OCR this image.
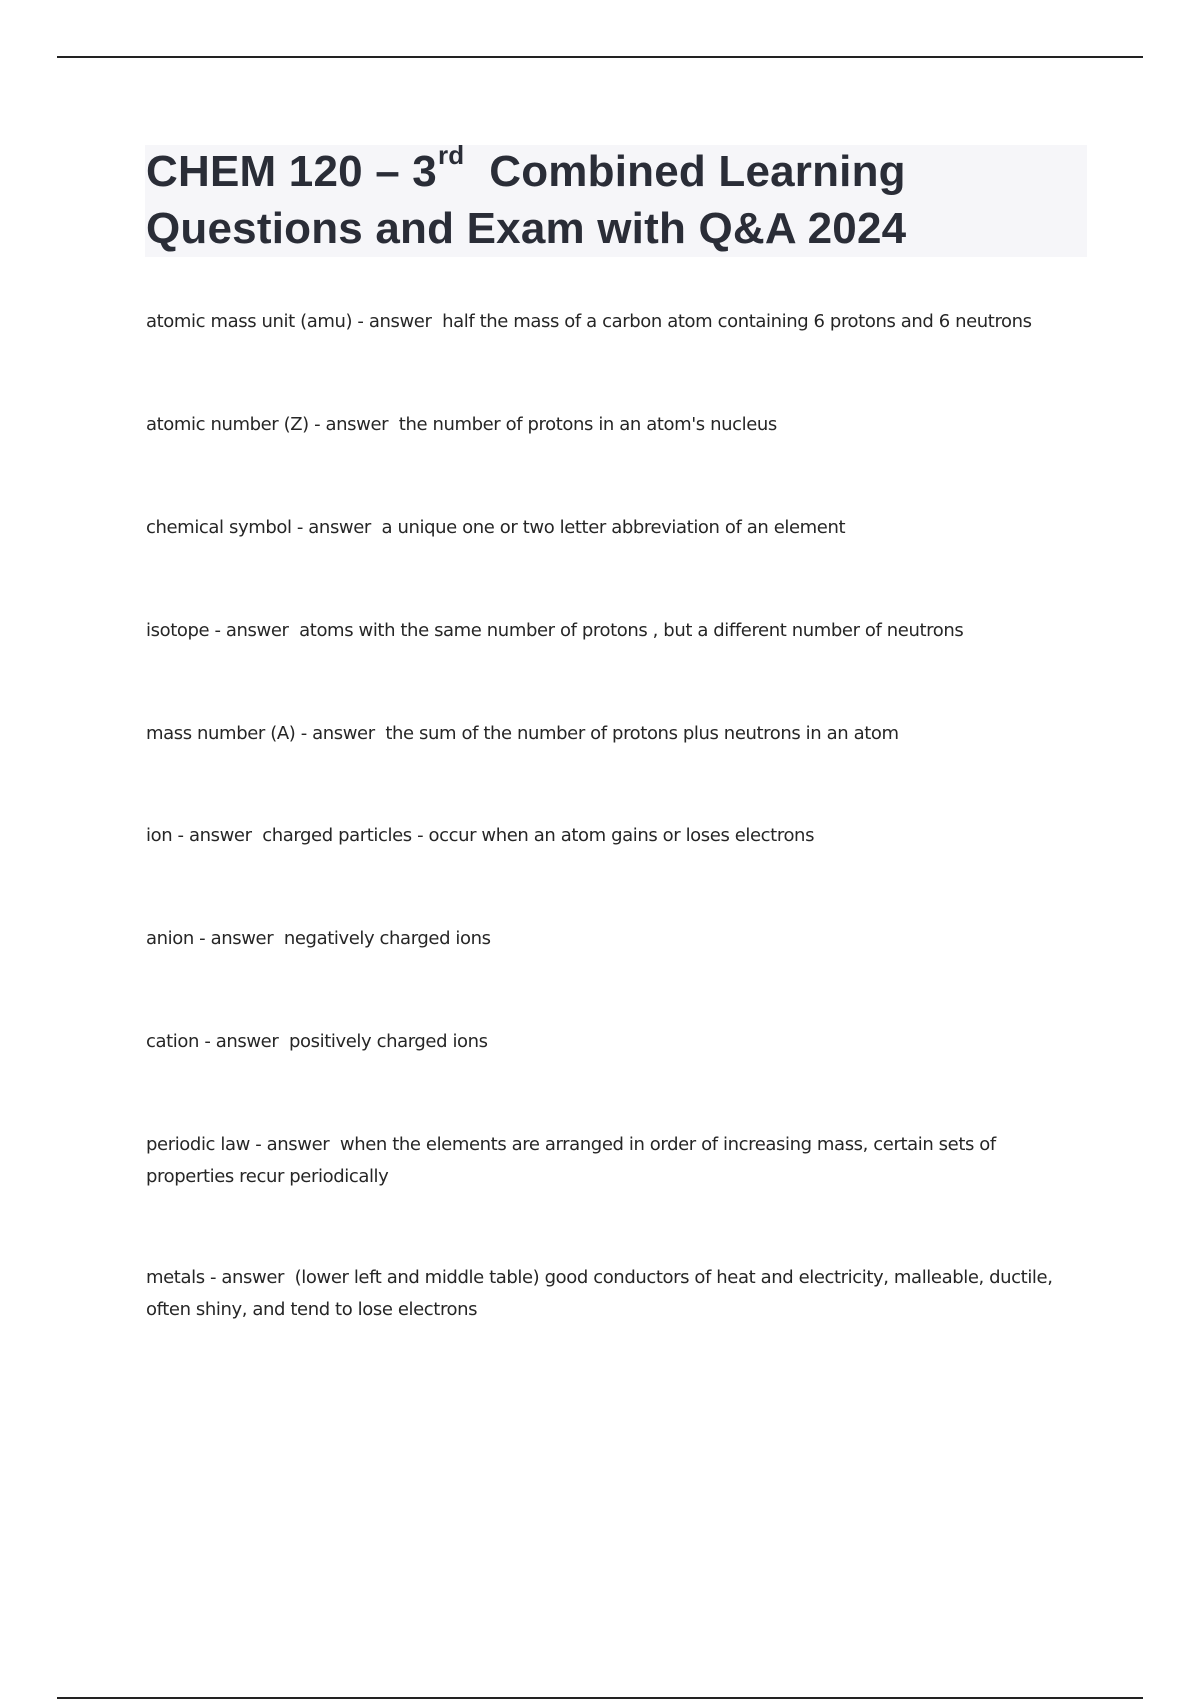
CHEM 120 – 3rd  Combined Learning
Questions and Exam with Q&A 2024
atomic mass unit (amu) - answer  half the mass of a carbon atom containing 6 protons and 6 neutrons
atomic number (Z) - answer  the number of protons in an atom's nucleus
chemical symbol - answer  a unique one or two letter abbreviation of an element
isotope - answer  atoms with the same number of protons , but a different number of neutrons
mass number (A) - answer  the sum of the number of protons plus neutrons in an atom
ion - answer  charged particles - occur when an atom gains or loses electrons
anion - answer  negatively charged ions
cation - answer  positively charged ions
periodic law - answer  when the elements are arranged in order of increasing mass, certain sets of properties recur periodically
metals - answer  (lower left and middle table) good conductors of heat and electricity, malleable, ductile, often shiny, and tend to lose electrons
